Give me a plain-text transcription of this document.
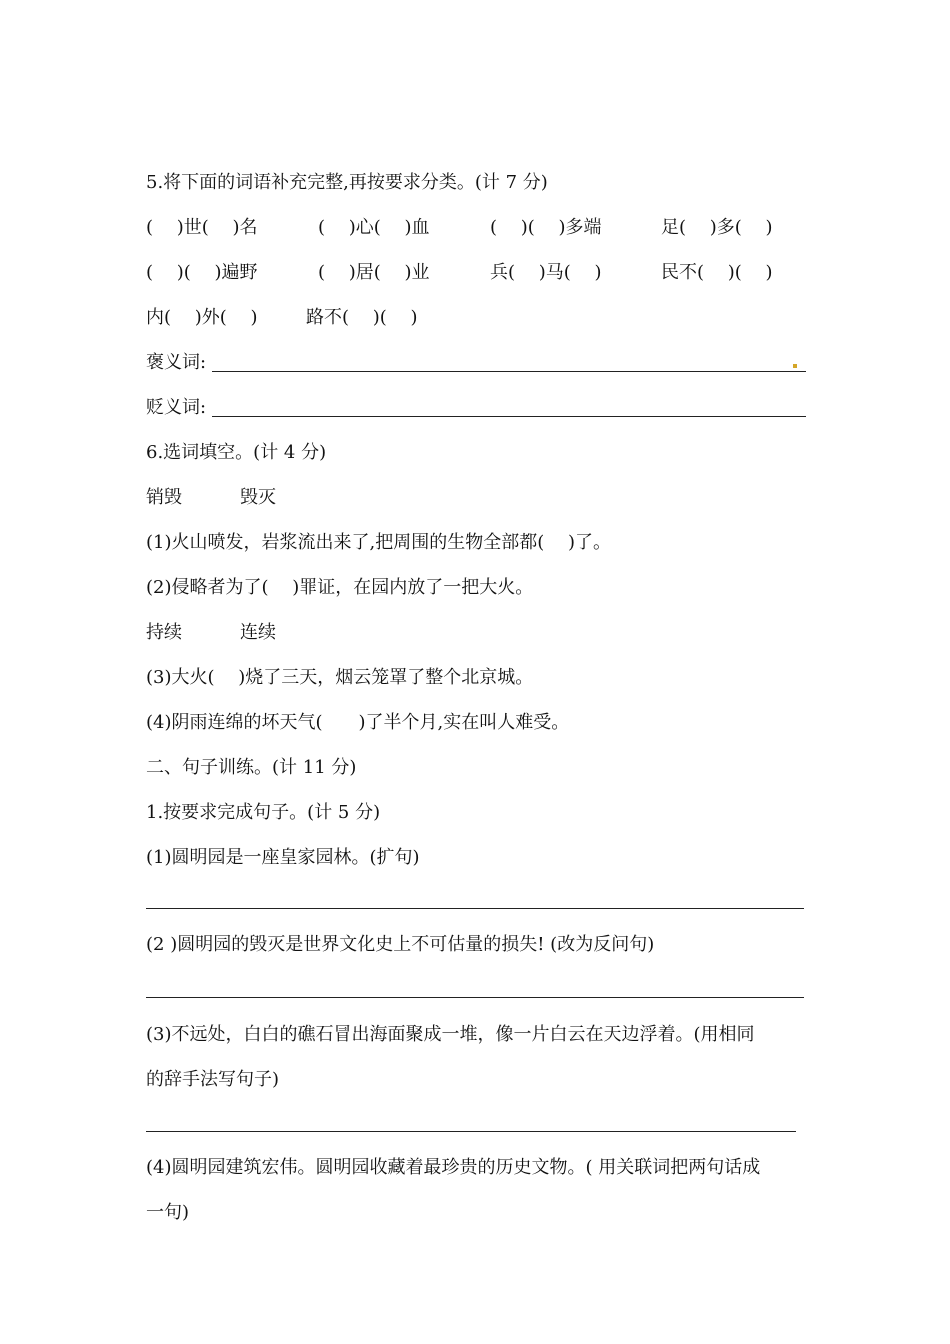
5.将下面的词语补充完整,再按要求分类。(计 7 分)
(　 )世(　 )名	(　 )心(　 )血	(　 )(　 )多端	足(　 )多(　 )
(　 )(　 )遍野	(　 )居(　 )业	兵(　 )马(　 )	民不(　 )(　 )
内(　 )外(　 )	路不(　 )(　 )
褒义词:
贬义词:
6.选词填空。(计 4 分)
销毁	毁灭
(1)火山喷发，岩浆流出来了,把周围的生物全部都(　 )了。
(2)侵略者为了(　 )罪证，在园内放了一把大火。
持续	连续
(3)大火(　 )烧了三天，烟云笼罩了整个北京城。
(4)阴雨连绵的坏天气(　　)了半个月,实在叫人难受。
二、句子训练。(计 11 分)
1.按要求完成句子。(计 5 分)
(1)圆明园是一座皇家园林。(扩句)
(2 )圆明园的毁灭是世界文化史上不可估量的损失! (改为反问句)
(3)不远处，白白的礁石冒出海面聚成一堆，像一片白云在天边浮着。(用相同
的辞手法写句子)
(4)圆明园建筑宏伟。圆明园收藏着最珍贵的历史文物。( 用关联词把两句话成
一句)
